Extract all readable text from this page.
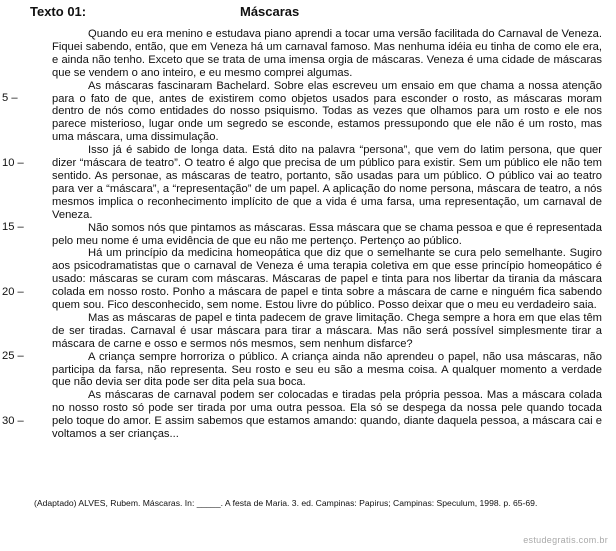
Texto 01:	Máscaras
5 –
10 –
15 –
20 –
25 –
30 –

Quando eu era menino e estudava piano aprendi a tocar uma versão facilitada do Carnaval de Veneza. Fiquei sabendo, então, que em Veneza há um carnaval famoso. Mas nenhuma idéia eu tinha de como ele era, e ainda não tenho. Exceto que se trata de uma imensa orgia de máscaras. Veneza é uma cidade de máscaras que se vendem o ano inteiro, e eu mesmo comprei algumas.

As máscaras fascinaram Bachelard. Sobre elas escreveu um ensaio em que chama a nossa atenção para o fato de que, antes de existirem como objetos usados para esconder o rosto, as máscaras moram dentro de nós como entidades do nosso psiquismo. Todas as vezes que olhamos para um rosto e ele nos parece misterioso, lugar onde um segredo se esconde, estamos pressupondo que ele não é um rosto, mas uma máscara, uma dissimulação.

Isso já é sabido de longa data. Está dito na palavra “persona”, que vem do latim persona, que quer dizer “máscara de teatro”. O teatro é algo que precisa de um público para existir. Sem um público ele não tem sentido. As personae, as máscaras de teatro, portanto, são usadas para um público. O público vai ao teatro para ver a “máscara”, a “representação” de um papel. A aplicação do nome persona, máscara de teatro, a nós mesmos implica o reconhecimento implícito de que a vida é uma farsa, uma representação, um carnaval de Veneza.

Não somos nós que pintamos as máscaras. Essa máscara que se chama pessoa e que é representada pelo meu nome é uma evidência de que eu não me pertenço. Pertenço ao público.

Há um princípio da medicina homeopática que diz que o semelhante se cura pelo semelhante. Sugiro aos psicodramatistas que o carnaval de Veneza é uma terapia coletiva em que esse princípio homeopático é usado: máscaras se curam com máscaras. Máscaras de papel e tinta para nos libertar da tirania da máscara colada em nosso rosto. Ponho a máscara de papel e tinta sobre a máscara de carne e ninguém fica sabendo quem sou. Fico desconhecido, sem nome. Estou livre do público. Posso deixar que o meu eu verdadeiro saia.

Mas as máscaras de papel e tinta padecem de grave limitação. Chega sempre a hora em que elas têm de ser tiradas. Carnaval é usar máscara para tirar a máscara. Mas não será possível simplesmente tirar a máscara de carne e osso e sermos nós mesmos, sem nenhum disfarce?

A criança sempre horroriza o público. A criança ainda não aprendeu o papel, não usa máscaras, não participa da farsa, não representa. Seu rosto e seu eu são a mesma coisa. A qualquer momento a verdade que não devia ser dita pode ser dita pela sua boca.

As máscaras de carnaval podem ser colocadas e tiradas pela própria pessoa. Mas a máscara colada no nosso rosto só pode ser tirada por uma outra pessoa. Ela só se despega da nossa pele quando tocada pelo toque do amor. E assim sabemos que estamos amando: quando, diante daquela pessoa, a máscara cai e voltamos a ser crianças...

(Adaptado) ALVES, Rubem. Máscaras. In: _____. A festa de Maria. 3. ed. Campinas: Papirus; Campinas: Speculum, 1998. p. 65-69.
estudegratis.com.br
